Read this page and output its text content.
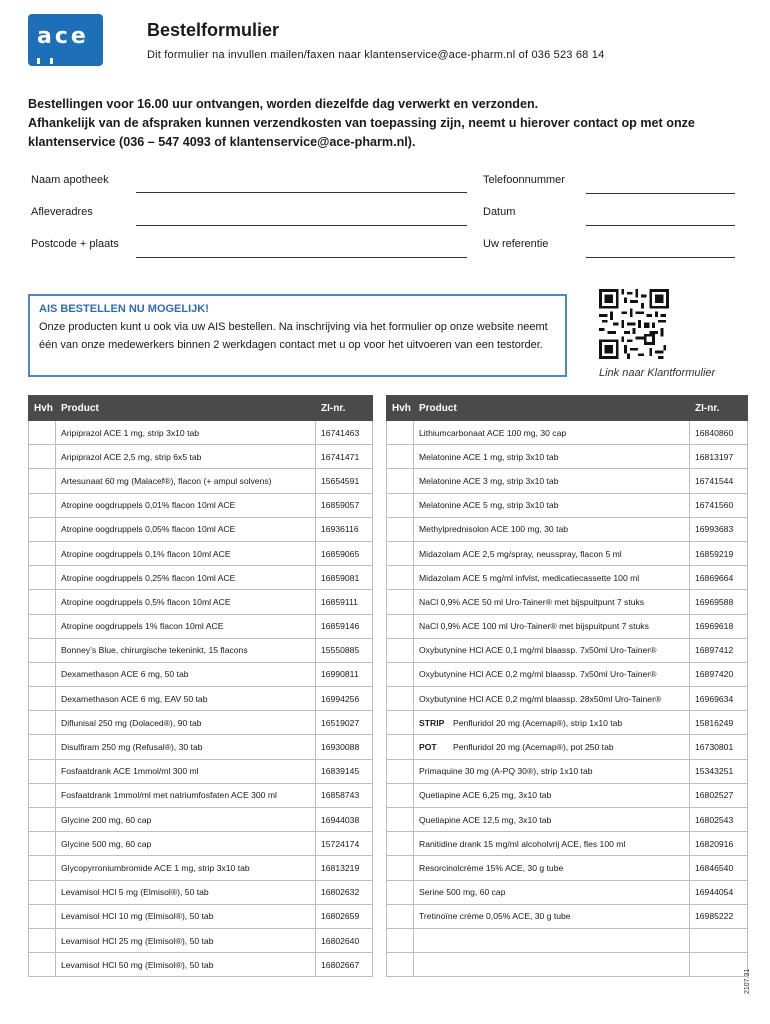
ace	Bestelformulier
Dit formulier na invullen mailen/faxen naar klantenservice@ace-pharm.nl of 036 523 68 14
Bestellingen voor 16.00 uur ontvangen, worden diezelfde dag verwerkt en verzonden.
Afhankelijk van de afspraken kunnen verzendkosten van toepassing zijn, neemt u hierover contact op met onze klantenservice (036 – 547 4093 of klantenservice@ace-pharm.nl).
Naam apotheek
Afleveradres
Postcode + plaats
Telefoonnummer
Datum
Uw referentie
AIS BESTELLEN NU MOGELIJK!
Onze producten kunt u ook via uw AIS bestellen. Na inschrijving via het formulier op onze website neemt één van onze medewerkers binnen 2 werkdagen contact met u op voor het uitvoeren van een testorder.
Link naar Klantformulier
Hvh	Product	ZI-nr.
	Aripiprazol ACE 1 mg, strip 3x10 tab	16741463
	Aripiprazol ACE 2,5 mg, strip 6x5 tab	16741471
	Artesunaat 60 mg (Malacef®), flacon (+ ampul solvens)	15654591
	Atropine oogdruppels 0,01% flacon 10ml ACE	16859057
	Atropine oogdruppels 0,05% flacon 10ml ACE	16936116
	Atropine oogdruppels 0,1% flacon 10ml ACE	16859065
	Atropine oogdruppels 0,25% flacon 10ml ACE	16859081
	Atropine oogdruppels 0,5% flacon 10ml ACE	16859111
	Atropine oogdruppels 1% flacon 10ml ACE	16859146
	Bonney’s Blue, chirurgische tekeninkt, 15 flacons	15550885
	Dexamethason ACE 6 mg, 50 tab	16990811
	Dexamethason ACE 6 mg, EAV 50 tab	16994256
	Diflunisal 250 mg (Dolaced®), 90 tab	16519027
	Disulfiram 250 mg (Refusal®), 30 tab	16930088
	Fosfaatdrank ACE 1mmol/ml 300 ml	16839145
	Fosfaatdrank 1mmol/ml met natriumfosfaten ACE 300 ml	16858743
	Glycine 200 mg, 60 cap	16944038
	Glycine 500 mg, 60 cap	15724174
	Glycopyrroniumbromide ACE 1 mg, strip 3x10 tab	16813219
	Levamisol HCl 5 mg (Elmisol®), 50 tab	16802632
	Levamisol HCl 10 mg (Elmisol®), 50 tab	16802659
	Levamisol HCl 25 mg (Elmisol®), 50 tab	16802640
	Levamisol HCl 50 mg (Elmisol®), 50 tab	16802667
Hvh	Product	ZI-nr.
	Lithiumcarbonaat ACE 100 mg, 30 cap	16840860
	Melatonine ACE 1 mg, strip 3x10 tab	16813197
	Melatonine ACE 3 mg, strip 3x10 tab	16741544
	Melatonine ACE 5 mg, strip 3x10 tab	16741560
	Methylprednisolon ACE 100 mg, 30 tab	16993683
	Midazolam ACE 2,5 mg/spray, neusspray, flacon 5 ml	16859219
	Midazolam ACE 5 mg/ml infvlst, medicatiecassette 100 ml	16869664
	NaCl 0,9% ACE 50 ml Uro-Tainer® met bijspuitpunt 7 stuks	16969588
	NaCl 0,9% ACE 100 ml Uro-Tainer® met bijspuitpunt 7 stuks	16969618
	Oxybutynine HCl ACE 0,1 mg/ml blaassp. 7x50ml Uro-Tainer®	16897412
	Oxybutynine HCl ACE 0,2 mg/ml blaassp. 7x50ml Uro-Tainer®	16897420
	Oxybutynine HCl ACE 0,2 mg/ml blaassp. 28x50ml Uro-Tainer®	16969634
	STRIP Penfluridol 20 mg (Acemap®), strip 1x10 tab	15816249
	POT Penfluridol 20 mg (Acemap®), pot 250 tab	16730801
	Primaquine 30 mg (A-PQ 30®), strip 1x10 tab	15343251
	Quetiapine ACE 6,25 mg, 3x10 tab	16802527
	Quetiapine ACE 12,5 mg, 3x10 tab	16802543
	Ranitidine drank 15 mg/ml alcoholvrij ACE, fles 100 ml	16820916
	Resorcinolcrème 15% ACE, 30 g tube	16846540
	Serine 500 mg, 60 cap	16944054
	Tretinoïne crème 0,05% ACE, 30 g tube	16985222

2107.31
